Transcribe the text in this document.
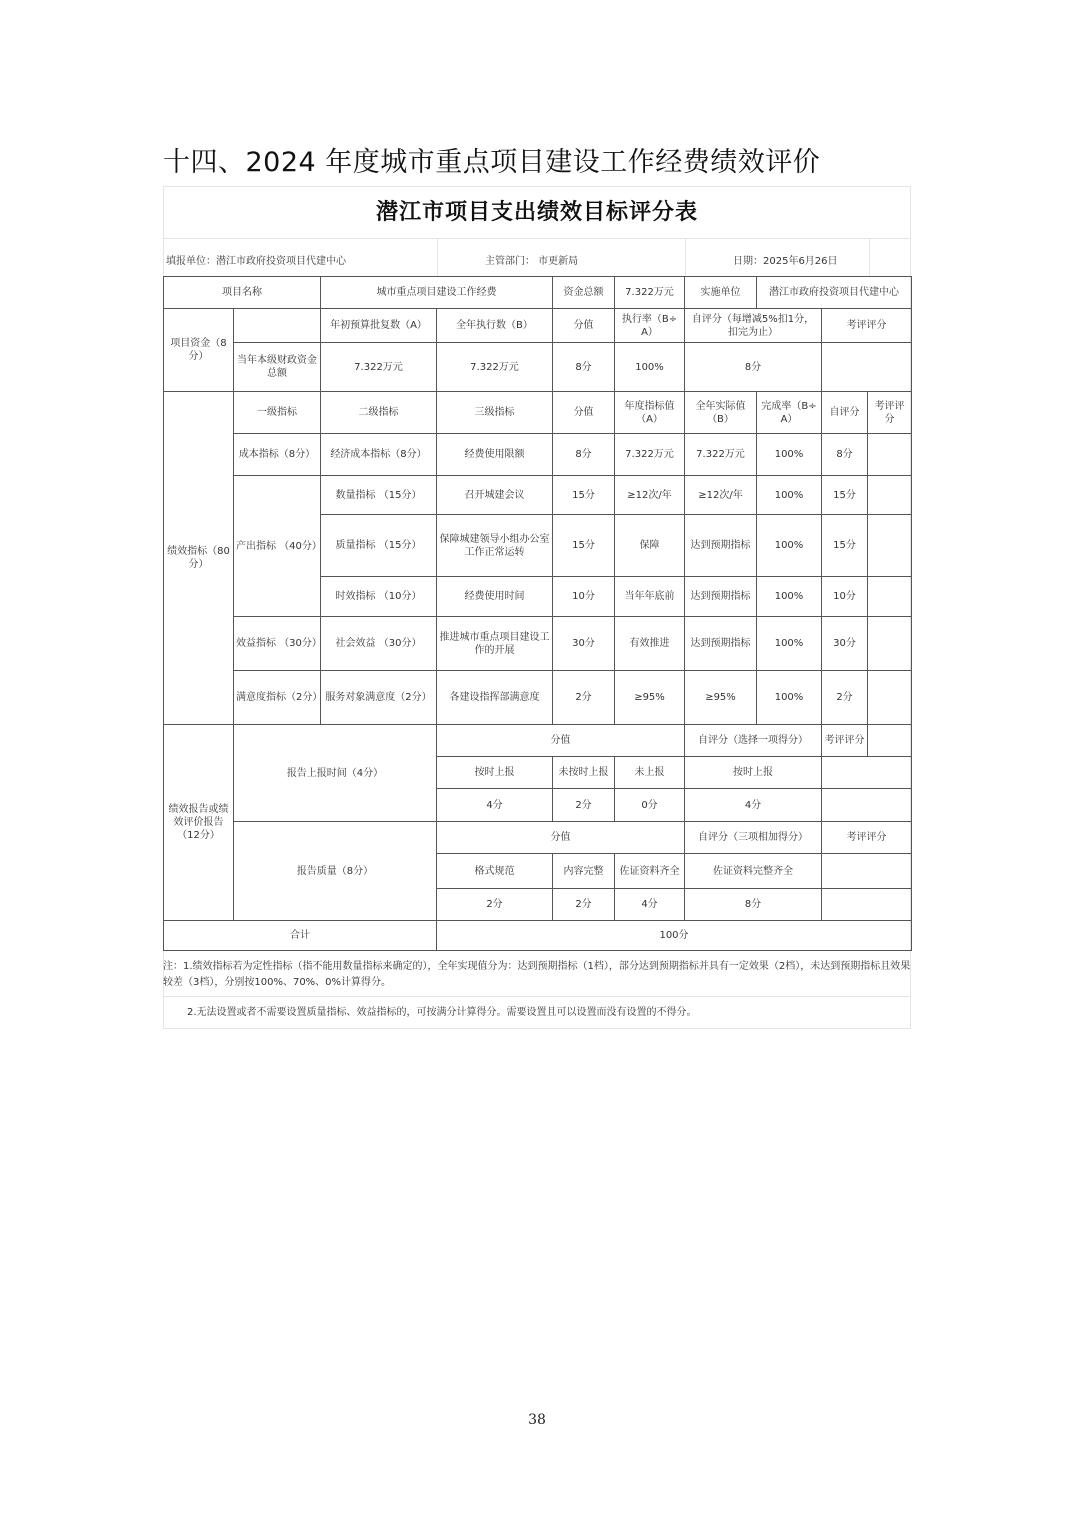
十四、2024 年度城市重点项目建设工作经费绩效评价
潜江市项目支出绩效目标评分表
填报单位：潜江市政府投资项目代建中心	主管部门： 市更新局	日期：2025年6月26日
项目名称		城市重点项目建设工作经费		资金总额	7.322万元	实施单位	潜江市政府投资项目代建中心		
项目资金（8分）		年初预算批复数（A）	全年执行数（B）	分值	执行率（B÷A）	自评分（每增减5%扣1分，扣完为止）		考评评分	
	当年本级财政资金总额	7.322万元	7.322万元	8分	100%	8分			
绩效指标（80分）	一级指标	二级指标	三级指标	分值	年度指标值（A）	全年实际值（B）	完成率（B÷A）	自评分	考评评分
	成本指标（8分）	经济成本指标（8分）	经费使用限额	8分	7.322万元	7.322万元	100%	8分	
	产出指标 （40分）	数量指标 （15分）	召开城建会议	15分	≥12次/年	≥12次/年	100%	15分	
		质量指标 （15分）	保障城建领导小组办公室工作正常运转	15分	保障	达到预期指标	100%	15分	
		时效指标 （10分）	经费使用时间	10分	当年年底前	达到预期指标	100%	10分	
	效益指标 （30分）	社会效益 （30分）	推进城市重点项目建设工作的开展	30分	有效推进	达到预期指标	100%	30分	
	满意度指标（2分）	服务对象满意度（2分）	各建设指挥部满意度	2分	≥95%	≥95%	100%	2分	
绩效报告或绩效评价报告（12分）	报告上报时间（4分）		分值			自评分（选择一项得分）		考评评分	
			按时上报	未按时上报	未上报	按时上报			
			4分	2分	0分	4分			
	报告质量（8分）		分值			自评分（三项相加得分）		考评评分	
			格式规范	内容完整	佐证资料齐全	佐证资料完整齐全			
			2分	2分	4分	8分			
合计			100分						
注：1.绩效指标若为定性指标（指不能用数量指标来确定的），全年实现值分为：达到预期指标（1档），部分达到预期指标并具有一定效果（2档），未达到预期指标且效果较差（3档），分别按100%、70%、0%计算得分。
2.无法设置或者不需要设置质量指标、效益指标的，可按满分计算得分。需要设置且可以设置而没有设置的不得分。
38
